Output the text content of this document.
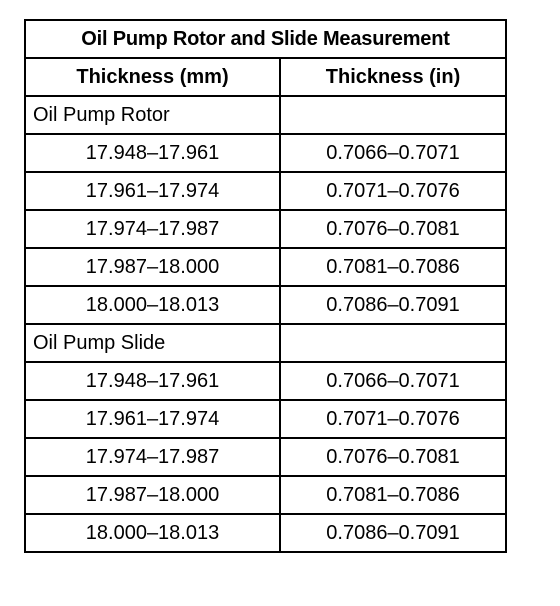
Oil Pump Rotor and Slide Measurement	
Thickness (mm)	Thickness (in)
Oil Pump Rotor	
17.948–17.961	0.7066–0.7071
17.961–17.974	0.7071–0.7076
17.974–17.987	0.7076–0.7081
17.987–18.000	0.7081–0.7086
18.000–18.013	0.7086–0.7091
Oil Pump Slide	
17.948–17.961	0.7066–0.7071
17.961–17.974	0.7071–0.7076
17.974–17.987	0.7076–0.7081
17.987–18.000	0.7081–0.7086
18.000–18.013	0.7086–0.7091
